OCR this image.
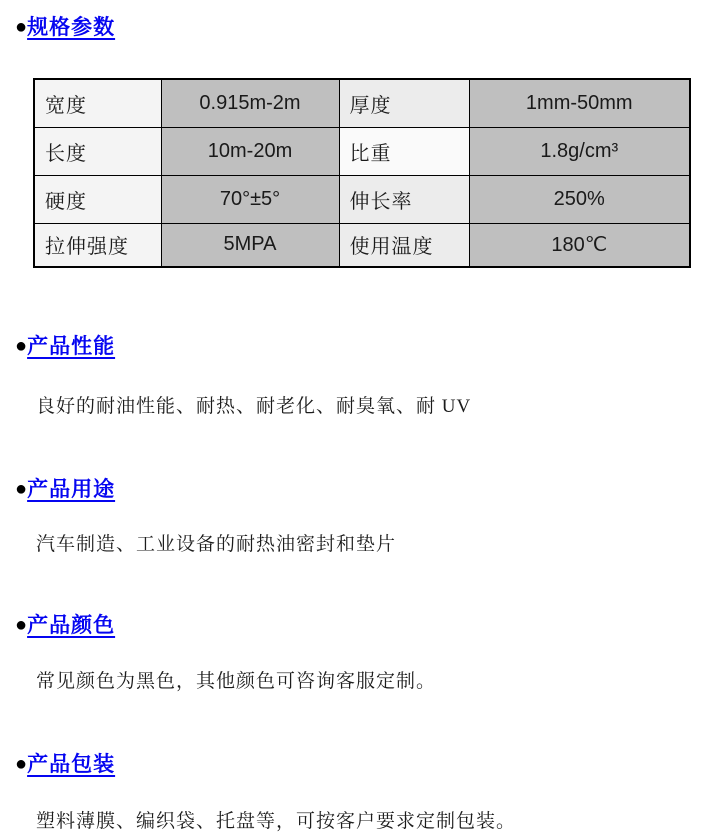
●规格参数
宽度	0.915m-2m	厚度	1mm-50mm
长度	10m-20m	比重	1.8g/cm³
硬度	70°±5°	伸长率	250%
拉伸强度	5MPA	使用温度	180℃
●产品性能
良好的耐油性能、耐热、耐老化、耐臭氧、耐 UV
●产品用途
汽车制造、工业设备的耐热油密封和垫片
●产品颜色
常见颜色为黑色，其他颜色可咨询客服定制。
●产品包装
塑料薄膜、编织袋、托盘等，可按客户要求定制包装。
